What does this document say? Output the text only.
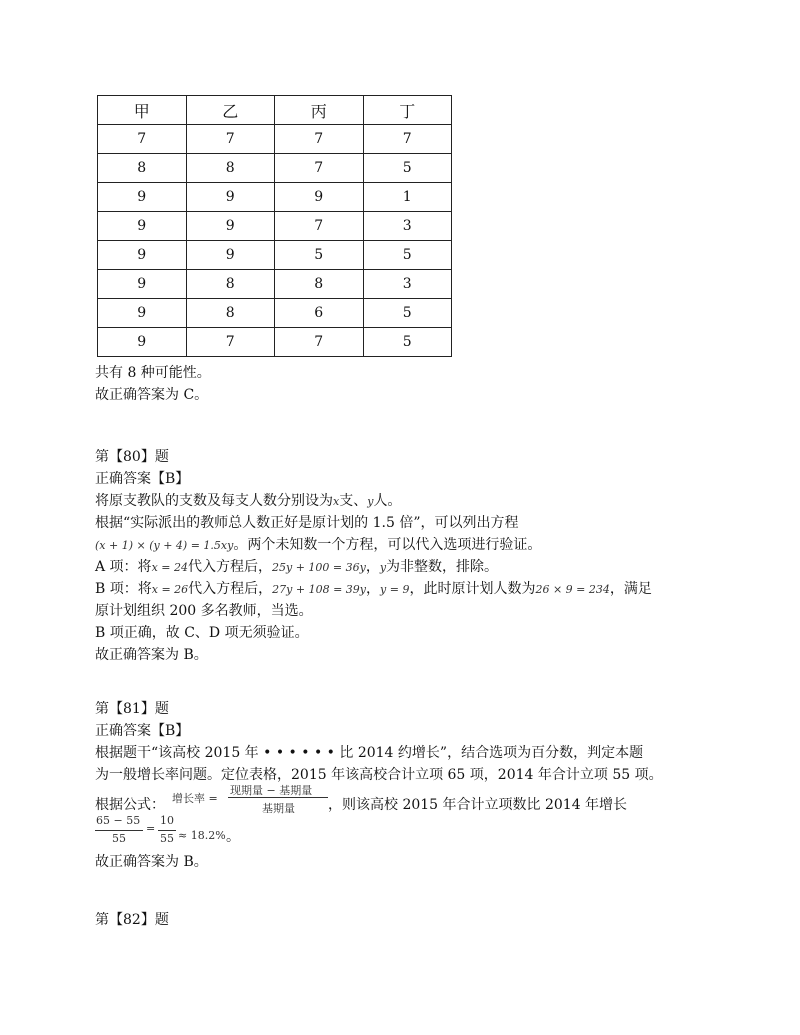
甲	乙	丙	丁
7	7	7	7
8	8	7	5
9	9	9	1
9	9	7	3
9	9	5	5
9	8	8	3
9	8	6	5
9	7	7	5
共有 8 种可能性。
故正确答案为 C。
第【80】题
正确答案【B】
将原支教队的支数及每支人数分别设为x支、y人。
根据“实际派出的教师总人数正好是原计划的 1.5 倍”，可以列出方程
(x + 1) × (y + 4) = 1.5xy。两个未知数一个方程，可以代入选项进行验证。
A 项：将x = 24代入方程后，25y + 100 = 36y，y为非整数，排除。
B 项：将x = 26代入方程后，27y + 108 = 39y，y = 9，此时原计划人数为26 × 9 = 234，满足
原计划组织 200 多名教师，当选。
B 项正确，故 C、D 项无须验证。
故正确答案为 B。
第【81】题
正确答案【B】
根据题干“该高校 2015 年 • • • • • • 比 2014 约增长”，结合选项为百分数，判定本题
为一般增长率问题。定位表格，2015 年该高校合计立项 65 项，2014 年合计立项 55 项。
根据公式： 增长率 =
现期量 − 基期量
基期量 ，则该高校 2015 年合计立项数比 2014 年增长
65 − 55
55
=
10
55 ≈ 18.2% 。
故正确答案为 B。
第【82】题
